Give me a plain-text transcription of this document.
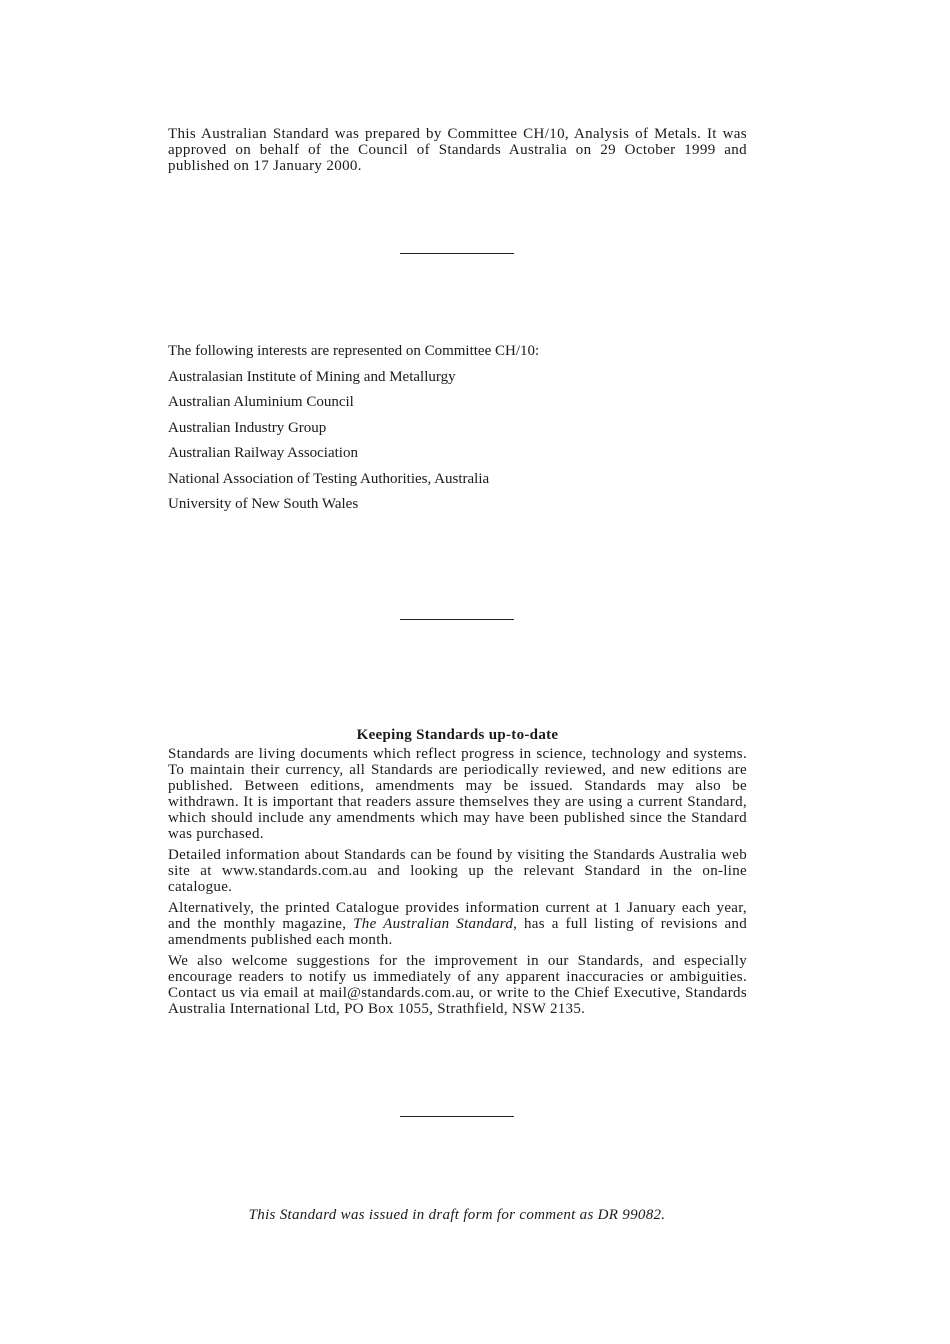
This Australian Standard was prepared by Committee CH/10, Analysis of Metals. It was approved on behalf of the Council of Standards Australia on 29 October 1999 and published on 17 January 2000.
The following interests are represented on Committee CH/10:
Australasian Institute of Mining and Metallurgy
Australian Aluminium Council
Australian Industry Group
Australian Railway Association
National Association of Testing Authorities, Australia
University of New South Wales
Keeping Standards up-to-date

Standards are living documents which reflect progress in science, technology and systems. To maintain their currency, all Standards are periodically reviewed, and new editions are published. Between editions, amendments may be issued. Standards may also be withdrawn. It is important that readers assure themselves they are using a current Standard, which should include any amendments which may have been published since the Standard was purchased.

Detailed information about Standards can be found by visiting the Standards Australia web site at www.standards.com.au and looking up the relevant Standard in the on-line catalogue.

Alternatively, the printed Catalogue provides information current at 1 January each year, and the monthly magazine, The Australian Standard, has a full listing of revisions and amendments published each month.

We also welcome suggestions for the improvement in our Standards, and especially encourage readers to notify us immediately of any apparent inaccuracies or ambiguities. Contact us via email at mail@standards.com.au, or write to the Chief Executive, Standards Australia International Ltd, PO Box 1055, Strathfield, NSW 2135.

This Standard was issued in draft form for comment as DR 99082.
